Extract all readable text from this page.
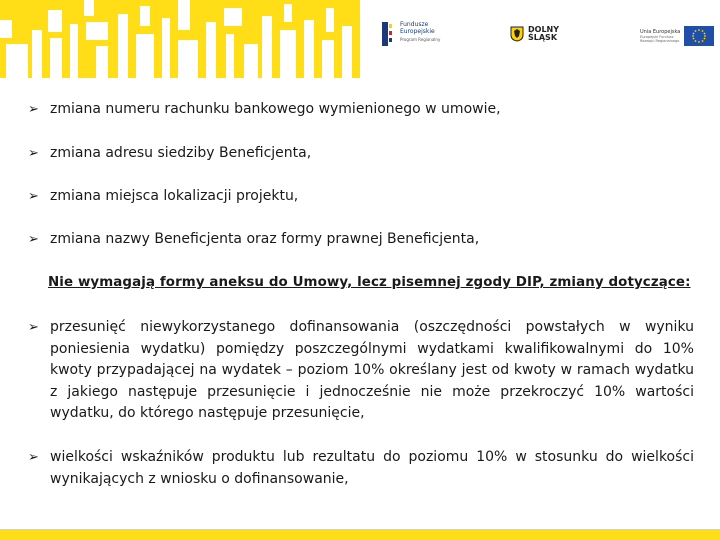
Fundusze
Europejskie
Program Regionalny
DOLNY
ŚLĄSK
Unia Europejska
Europejski Fundusz
Rozwoju Regionalnego
➢ zmiana numeru rachunku bankowego wymienionego w umowie,
➢ zmiana adresu siedziby Beneficjenta,
➢ zmiana miejsca lokalizacji projektu,
➢ zmiana nazwy Beneficjenta oraz formy prawnej Beneficjenta,
Nie wymagają formy aneksu do Umowy, lecz pisemnej zgody DIP, zmiany dotyczące:
➢ przesunięć niewykorzystanego dofinansowania (oszczędności powstałych w wyniku poniesienia wydatku) pomiędzy poszczególnymi wydatkami kwalifikowalnymi do 10% kwoty przypadającej na wydatek – poziom 10% określany jest od kwoty w ramach wydatku z jakiego następuje przesunięcie i jednocześnie nie może przekroczyć 10% wartości wydatku, do którego następuje przesunięcie,
➢ wielkości wskaźników produktu lub rezultatu do poziomu 10% w stosunku do wielkości wynikających z wniosku o dofinansowanie,
